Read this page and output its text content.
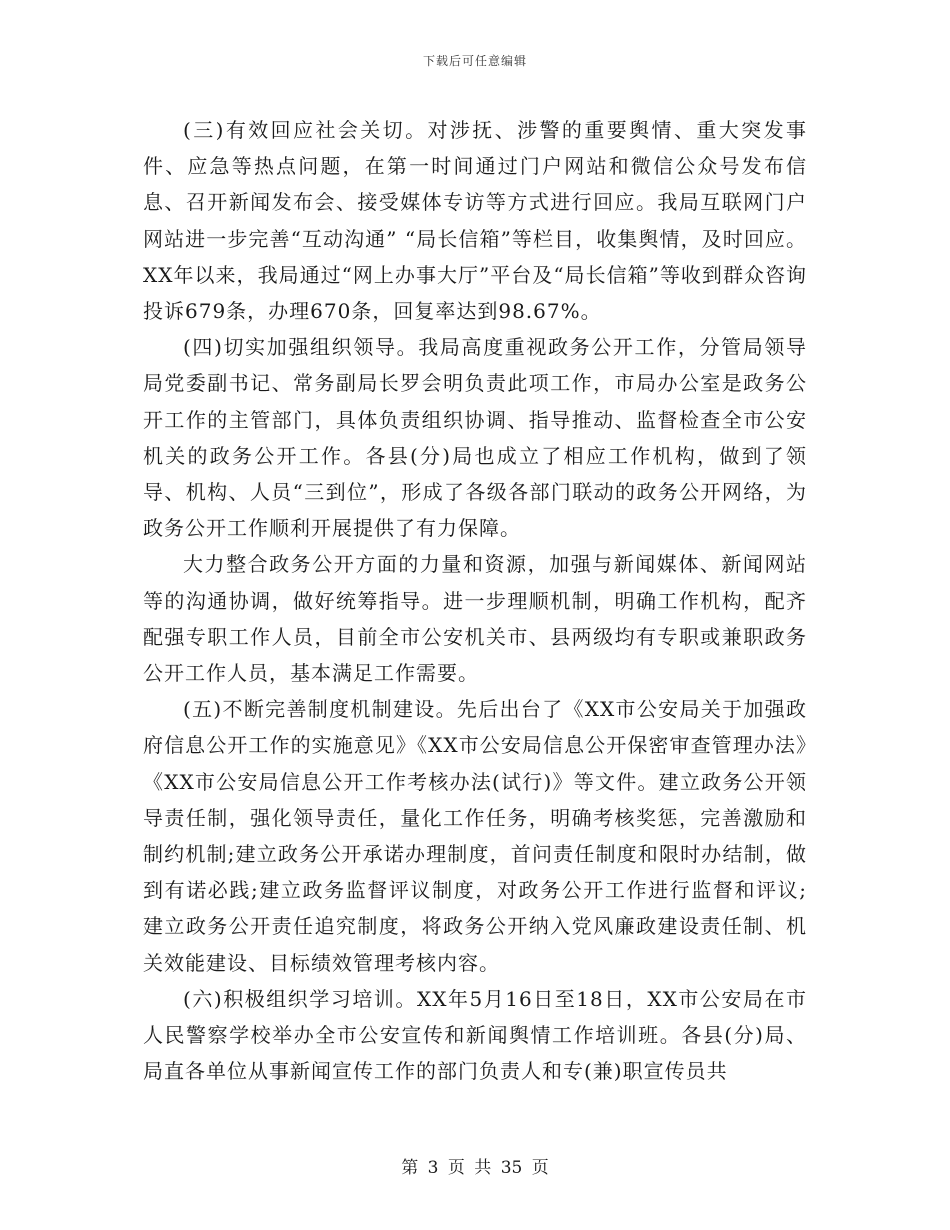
下载后可任意编辑

(三)有效回应社会关切。对涉抚、涉警的重要舆情、重大突发事件、应急等热点问题，在第一时间通过门户网站和微信公众号发布信息、召开新闻发布会、接受媒体专访等方式进行回应。我局互联网门户网站进一步完善“互动沟通” “局长信箱”等栏目，收集舆情，及时回应。XX年以来，我局通过“网上办事大厅”平台及“局长信箱”等收到群众咨询投诉679条，办理670条，回复率达到98.67%。

(四)切实加强组织领导。我局高度重视政务公开工作，分管局领导局党委副书记、常务副局长罗会明负责此项工作，市局办公室是政务公开工作的主管部门，具体负责组织协调、指导推动、监督检查全市公安机关的政务公开工作。各县(分)局也成立了相应工作机构，做到了领导、机构、人员“三到位”，形成了各级各部门联动的政务公开网络，为政务公开工作顺利开展提供了有力保障。

大力整合政务公开方面的力量和资源，加强与新闻媒体、新闻网站等的沟通协调，做好统筹指导。进一步理顺机制，明确工作机构，配齐配强专职工作人员，目前全市公安机关市、县两级均有专职或兼职政务公开工作人员，基本满足工作需要。

(五)不断完善制度机制建设。先后出台了《XX市公安局关于加强政府信息公开工作的实施意见》《XX市公安局信息公开保密审查管理办法》《XX市公安局信息公开工作考核办法(试行)》等文件。建立政务公开领导责任制，强化领导责任，量化工作任务，明确考核奖惩，完善激励和制约机制;建立政务公开承诺办理制度，首问责任制度和限时办结制，做到有诺必践;建立政务监督评议制度，对政务公开工作进行监督和评议;建立政务公开责任追究制度，将政务公开纳入党风廉政建设责任制、机关效能建设、目标绩效管理考核内容。

(六)积极组织学习培训。XX年5月16日至18日，XX市公安局在市人民警察学校举办全市公安宣传和新闻舆情工作培训班。各县(分)局、局直各单位从事新闻宣传工作的部门负责人和专(兼)职宣传员共

第 3 页 共 35 页
